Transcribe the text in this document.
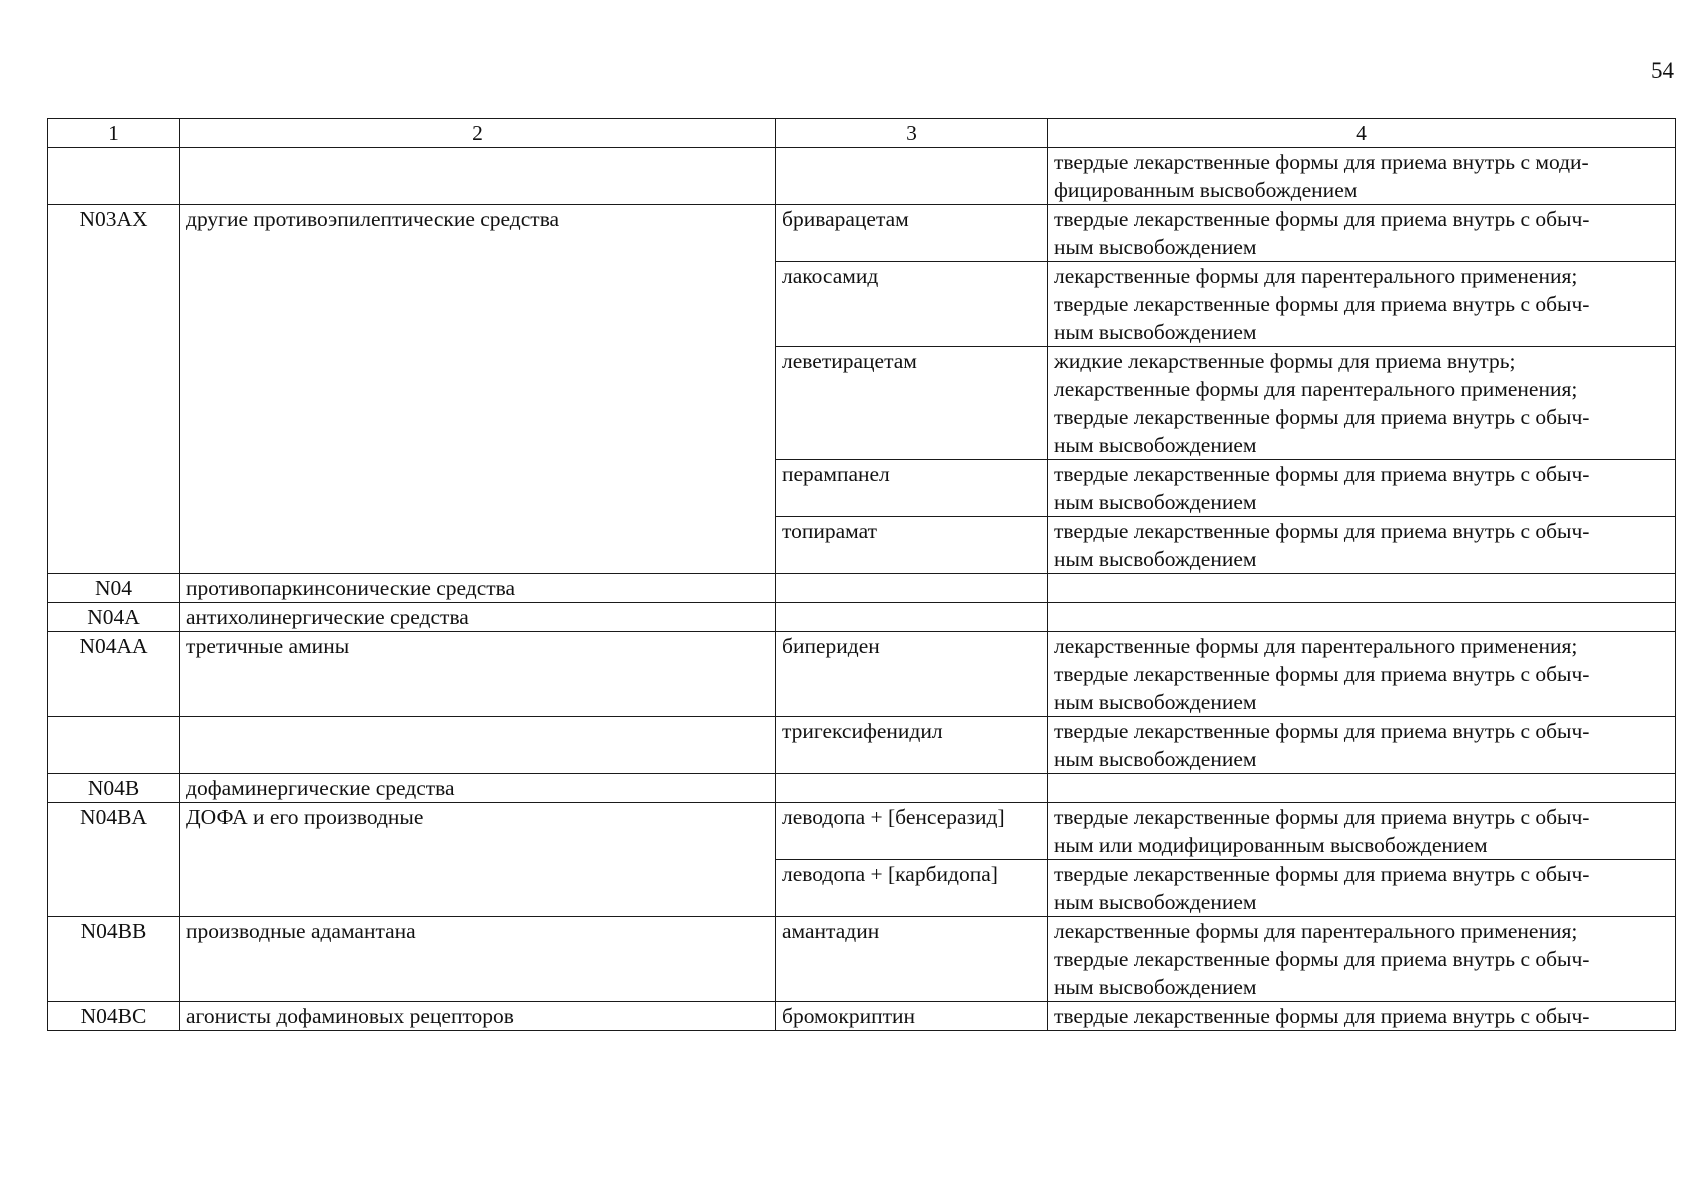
54
1	2	3	4
			твердые лекарственные формы для приема внутрь с моди-
фицированным высвобождением
N03AX	другие противоэпилептические средства	бриварацетам	твердые лекарственные формы для приема внутрь с обыч-
ным высвобождением
		лакосамид	лекарственные формы для парентерального применения;
твердые лекарственные формы для приема внутрь с обыч-
ным высвобождением
		леветирацетам	жидкие лекарственные формы для приема внутрь;
лекарственные формы для парентерального применения;
твердые лекарственные формы для приема внутрь с обыч-
ным высвобождением
		перампанел	твердые лекарственные формы для приема внутрь с обыч-
ным высвобождением
		топирамат	твердые лекарственные формы для приема внутрь с обыч-
ным высвобождением
N04	противопаркинсонические средства		
N04A	антихолинергические средства		
N04AA	третичные амины	бипериден	лекарственные формы для парентерального применения;
твердые лекарственные формы для приема внутрь с обыч-
ным высвобождением
		тригексифенидил	твердые лекарственные формы для приема внутрь с обыч-
ным высвобождением
N04B	дофаминергические средства		
N04BA	ДОФА и его производные	леводопа + [бенсеразид]	твердые лекарственные формы для приема внутрь с обыч-
ным или модифицированным высвобождением
		леводопа + [карбидопа]	твердые лекарственные формы для приема внутрь с обыч-
ным высвобождением
N04BB	производные адамантана	амантадин	лекарственные формы для парентерального применения;
твердые лекарственные формы для приема внутрь с обыч-
ным высвобождением
N04BC	агонисты дофаминовых рецепторов	бромокриптин	твердые лекарственные формы для приема внутрь с обыч-
